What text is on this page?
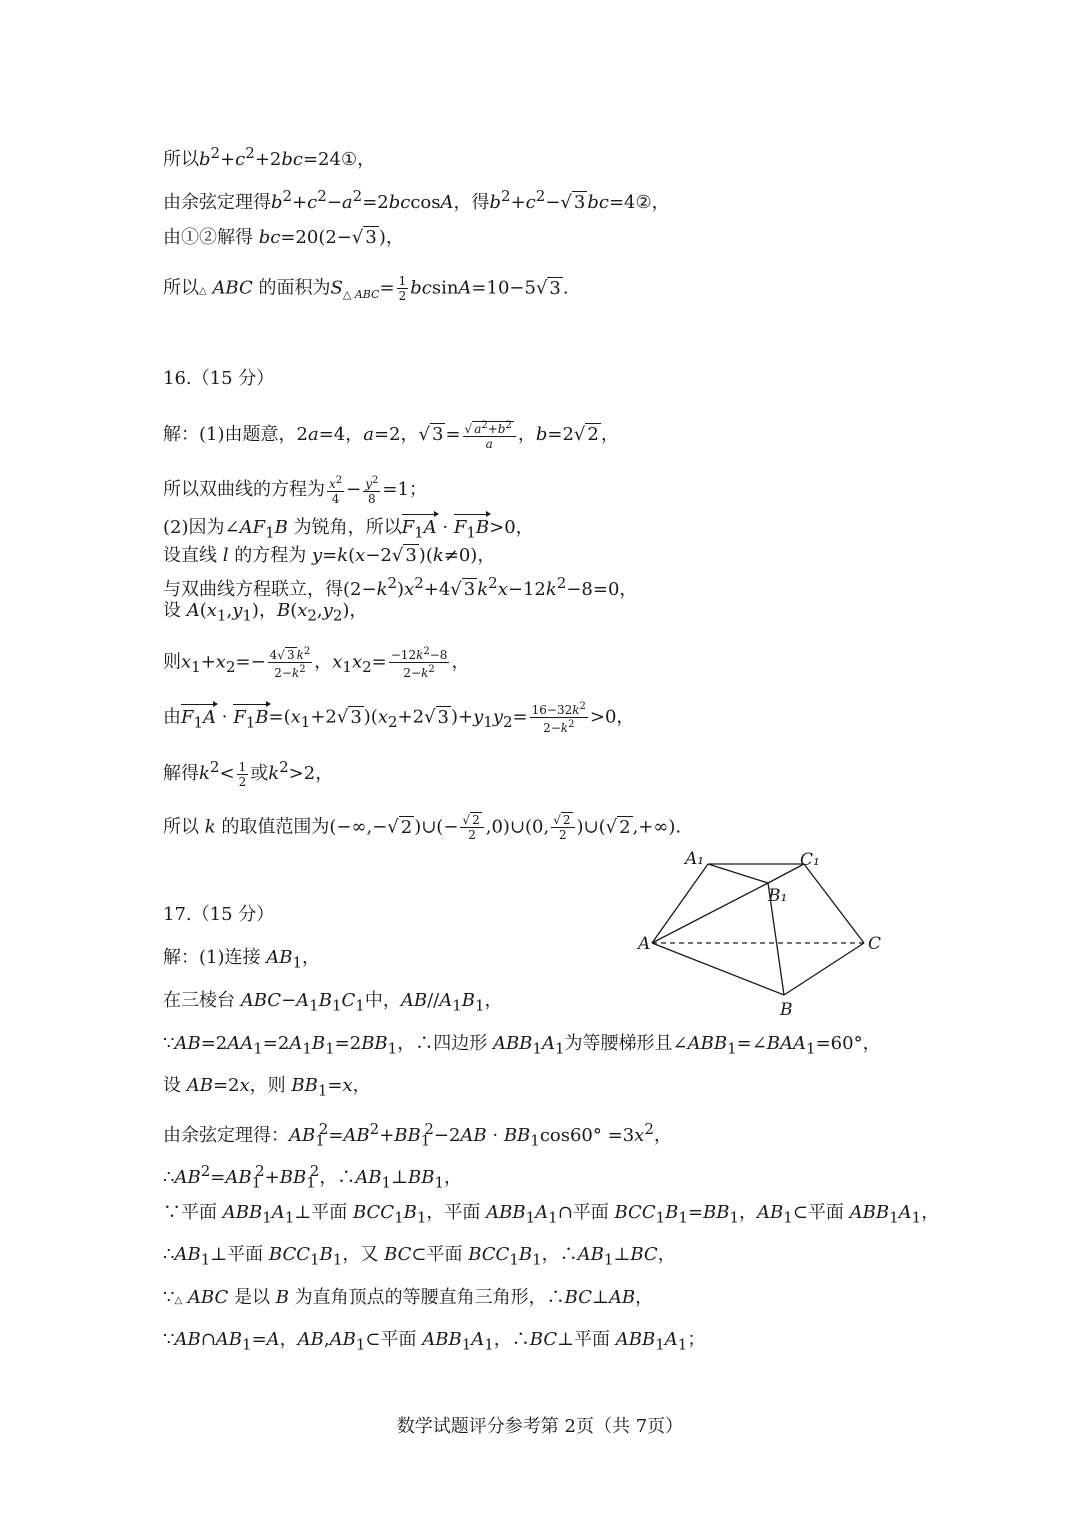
所以$b^2+c^2+2bc=24①$，
由余弦定理得$b^2+c^2-a^2=2bccosA$，得$b^2+c^2-√$ 3 bc=4②，
由①②解得 bc=20(2−√ 3 )，
所以△ ABC 的面积为$S_{\triangle ABC}= \frac{1}{2} bcsinA=10-5√$ 3 .
16.（15 分）
解：(1)由题意，2a=4，a=2，√ $3 = \frac{√ a^2+b^2}{a}$ ，b=2√ 2 ，
所以双曲线的方程为 $\frac{x^2}{4} - \frac{y^2}{8} =1$；
(2)因为$\angle AF_1B$ 为锐角，所以$F_1A \cdot F_1B>0$，
设直线 l 的方程为 y=k(x−2√ 3 )(k≠0)，
与双曲线方程联立，得$(2-k^2)x^2+4√$ 3 $k^2x-12k^2-8=0$，
设 $A(x_1,y_1)$，$B(x_2,y_2)$，
则$x_1+x_2=- \frac{4√ 3 k^2}{2-k^2}$ ，$x_1x_2= \frac{-12k^2-8}{2-k^2}$ ，
由$F_1A \cdot F_1B=(x_1+2√$ 3 )($x_2+2√$ 3 )$+y_1y_2= \frac{16-32k^2}{2-k^2} >0$，
解得$k^2< \frac{1}{2}$ 或$k^2>2$，
所以 k 的取值范围为(−∞,−√ 2 )∪(− $\frac{√ 2}{2}$ ,0)∪(0, $\frac{√ 2}{2}$ )∪(√ 2 ,+∞).
17.（15 分）
解：(1)连接 $AB_1$，
在三棱台 $ABC-A_1B_1C_1$中，$AB//A_1B_1$，
$\because AB=2AA_1=2A_1B_1=2BB_1$，∴四边形 $ABB_1A_1$为等腰梯形且$\angle ABB_1=\angle BAA_1=60^\circ$，
设 AB=2x，则 $BB_1=x$，
由余弦定理得：$AB_1^2=AB^2+BB_1^2-2AB \cdot BB_1\cos 60^\circ =3x^2$，
$\therefore AB^2=AB_1^2+BB_1^2$，$\therefore AB_1\perp BB_1$，
∵平面 $ABB_1A_1\perp$平面 $BCC_1B_1$，平面 $ABB_1A_1\cap$平面 $BCC_1B_1=BB_1$，$AB_1\subset$平面 $ABB_1A_1$，
$\therefore AB_1\perp$平面 $BCC_1B_1$，又 BC⊂平面 $BCC_1B_1$，$\therefore AB_1\perp BC$，
∵△ ABC 是以 B 为直角顶点的等腰直角三角形，∴BC⊥AB，
$\because AB\cap AB_1=A$，$AB,AB_1\subset$平面 $ABB_1A_1$，∴BC⊥平面 $ABB_1A_1$；
A₁	C₁
B₁
A	C
B
数学试题评分参考第 2页（共 7页）
